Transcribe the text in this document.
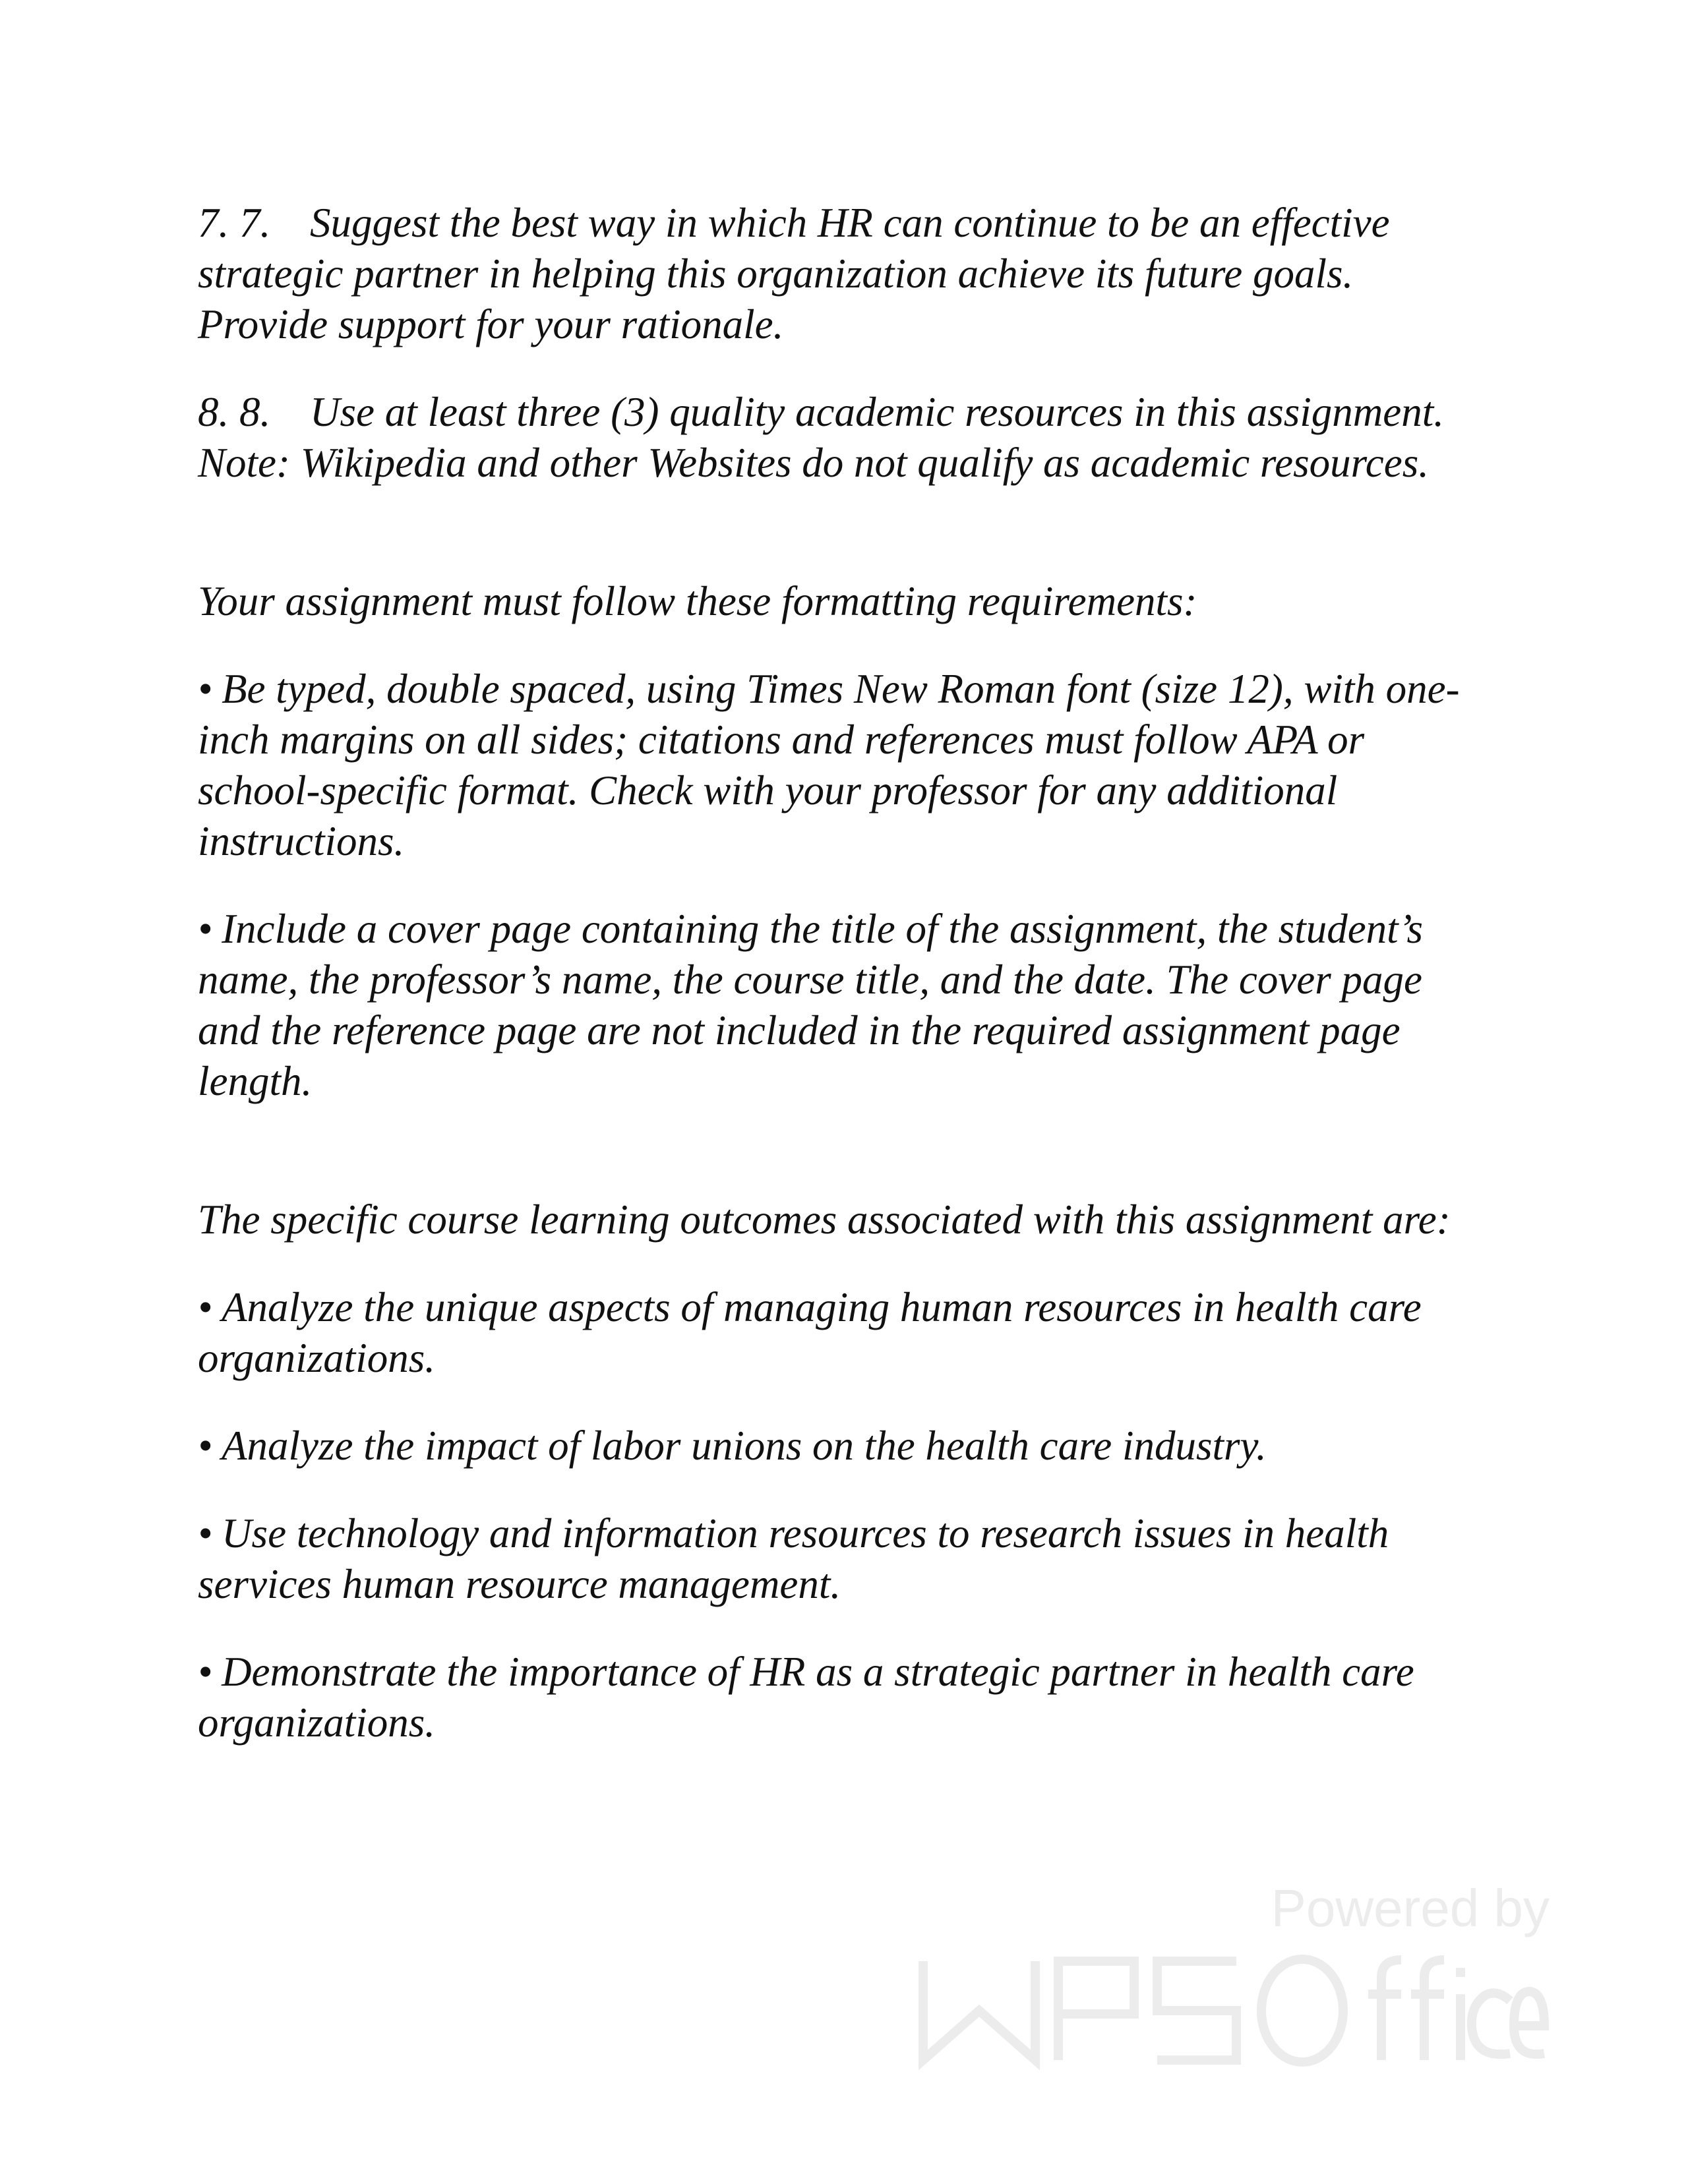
7. 7. Suggest the best way in which HR can continue to be an effective strategic partner in helping this organization achieve its future goals. Provide support for your rationale.

8. 8. Use at least three (3) quality academic resources in this assignment. Note: Wikipedia and other Websites do not qualify as academic resources.

Your assignment must follow these formatting requirements:

• Be typed, double spaced, using Times New Roman font (size 12), with one-inch margins on all sides; citations and references must follow APA or school-specific format. Check with your professor for any additional instructions.

• Include a cover page containing the title of the assignment, the student’s name, the professor’s name, the course title, and the date. The cover page and the reference page are not included in the required assignment page length.

The specific course learning outcomes associated with this assignment are:

• Analyze the unique aspects of managing human resources in health care organizations.

• Analyze the impact of labor unions on the health care industry.

• Use technology and information resources to research issues in health services human resource management.

• Demonstrate the importance of HR as a strategic partner in health care organizations.

Powered by
WPS Office
